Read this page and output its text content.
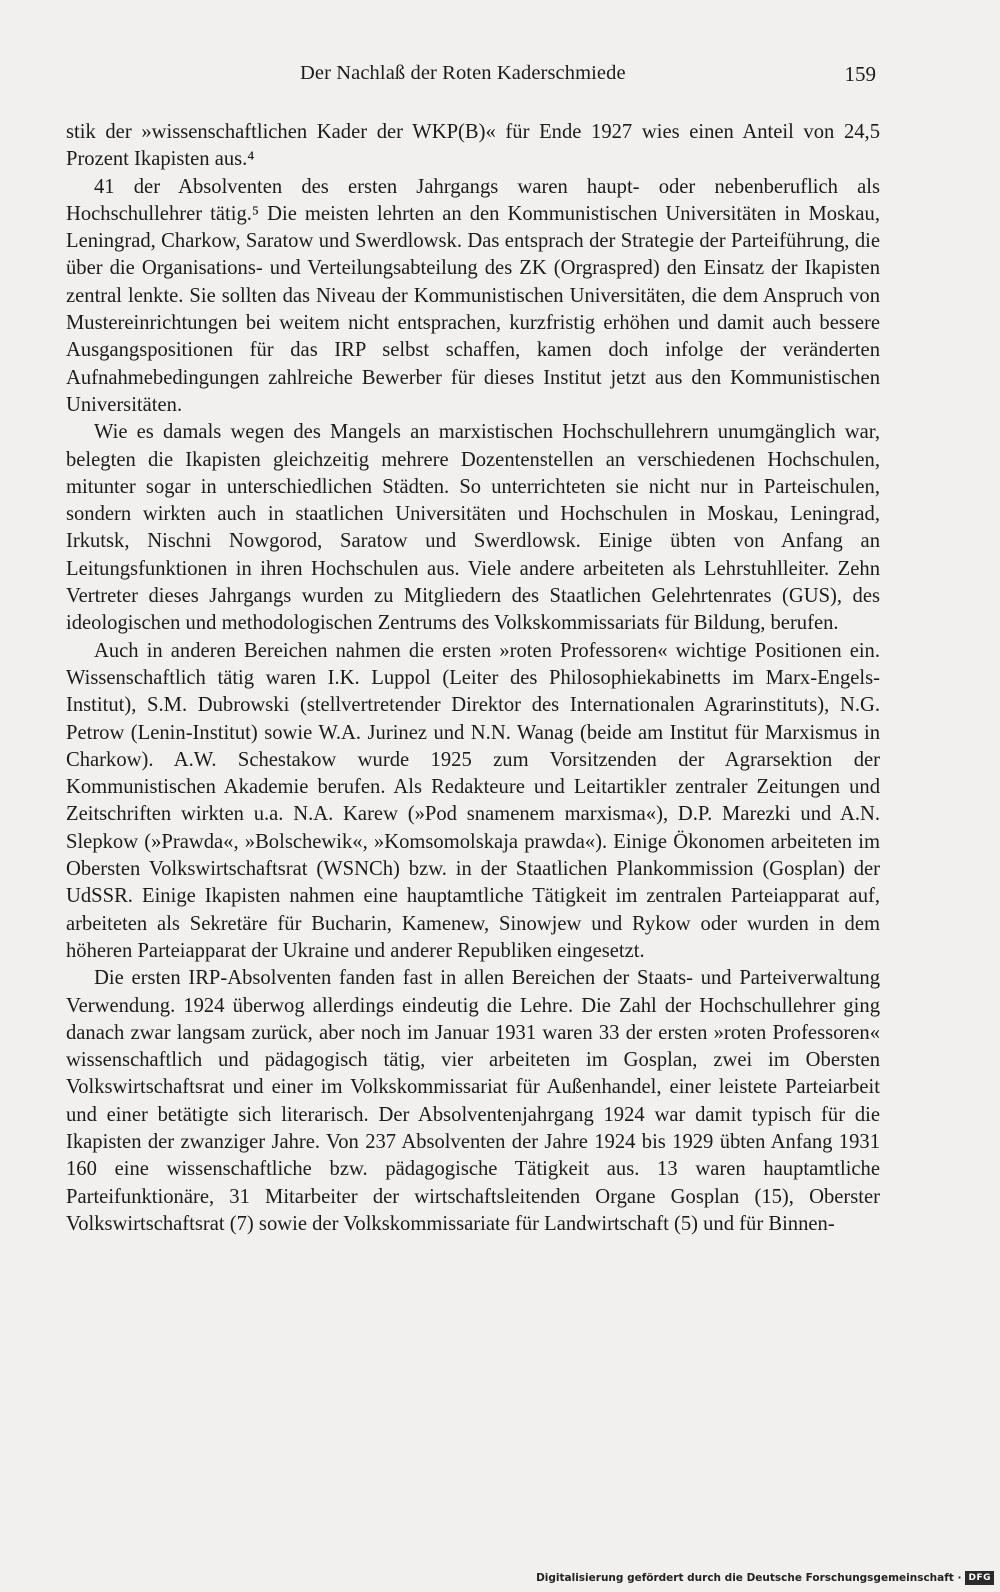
Der Nachlaß der Roten Kaderschmiede	159

stik der »wissenschaftlichen Kader der WKP(B)« für Ende 1927 wies einen Anteil von 24,5 Prozent Ikapisten aus.⁴

41 der Absolventen des ersten Jahrgangs waren haupt- oder nebenberuflich als Hochschullehrer tätig.⁵ Die meisten lehrten an den Kommunistischen Universitäten in Moskau, Leningrad, Charkow, Saratow und Swerdlowsk. Das entsprach der Strategie der Parteiführung, die über die Organisations- und Verteilungsabteilung des ZK (Orgraspred) den Einsatz der Ikapisten zentral lenkte. Sie sollten das Niveau der Kommunistischen Universitäten, die dem Anspruch von Mustereinrichtungen bei weitem nicht entsprachen, kurzfristig erhöhen und damit auch bessere Ausgangspositionen für das IRP selbst schaffen, kamen doch infolge der veränderten Aufnahmebedingungen zahlreiche Bewerber für dieses Institut jetzt aus den Kommunistischen Universitäten.

Wie es damals wegen des Mangels an marxistischen Hochschullehrern unumgänglich war, belegten die Ikapisten gleichzeitig mehrere Dozentenstellen an verschiedenen Hochschulen, mitunter sogar in unterschiedlichen Städten. So unterrichteten sie nicht nur in Parteischulen, sondern wirkten auch in staatlichen Universitäten und Hochschulen in Moskau, Leningrad, Irkutsk, Nischni Nowgorod, Saratow und Swerdlowsk. Einige übten von Anfang an Leitungsfunktionen in ihren Hochschulen aus. Viele andere arbeiteten als Lehrstuhlleiter. Zehn Vertreter dieses Jahrgangs wurden zu Mitgliedern des Staatlichen Gelehrtenrates (GUS), des ideologischen und methodologischen Zentrums des Volkskommissariats für Bildung, berufen.

Auch in anderen Bereichen nahmen die ersten »roten Professoren« wichtige Positionen ein. Wissenschaftlich tätig waren I.K. Luppol (Leiter des Philosophiekabinetts im Marx-Engels-Institut), S.M. Dubrowski (stellvertretender Direktor des Internationalen Agrarinstituts), N.G. Petrow (Lenin-Institut) sowie W.A. Jurinez und N.N. Wanag (beide am Institut für Marxismus in Charkow). A.W. Schestakow wurde 1925 zum Vorsitzenden der Agrarsektion der Kommunistischen Akademie berufen. Als Redakteure und Leitartikler zentraler Zeitungen und Zeitschriften wirkten u.a. N.A. Karew (»Pod snamenem marxisma«), D.P. Marezki und A.N. Slepkow (»Prawda«, »Bolschewik«, »Komsomolskaja prawda«). Einige Ökonomen arbeiteten im Obersten Volkswirtschaftsrat (WSNCh) bzw. in der Staatlichen Plankommission (Gosplan) der UdSSR. Einige Ikapisten nahmen eine hauptamtliche Tätigkeit im zentralen Parteiapparat auf, arbeiteten als Sekretäre für Bucharin, Kamenew, Sinowjew und Rykow oder wurden in dem höheren Parteiapparat der Ukraine und anderer Republiken eingesetzt.

Die ersten IRP-Absolventen fanden fast in allen Bereichen der Staats- und Parteiverwaltung Verwendung. 1924 überwog allerdings eindeutig die Lehre. Die Zahl der Hochschullehrer ging danach zwar langsam zurück, aber noch im Januar 1931 waren 33 der ersten »roten Professoren« wissenschaftlich und pädagogisch tätig, vier arbeiteten im Gosplan, zwei im Obersten Volkswirtschaftsrat und einer im Volkskommissariat für Außenhandel, einer leistete Parteiarbeit und einer betätigte sich literarisch. Der Absolventenjahrgang 1924 war damit typisch für die Ikapisten der zwanziger Jahre. Von 237 Absolventen der Jahre 1924 bis 1929 übten Anfang 1931 160 eine wissenschaftliche bzw. pädagogische Tätigkeit aus. 13 waren hauptamtliche Parteifunktionäre, 31 Mitarbeiter der wirtschaftsleitenden Organe Gosplan (15), Oberster Volkswirtschaftsrat (7) sowie der Volkskommissariate für Landwirtschaft (5) und für Binnen-

Digitalisierung gefördert durch die Deutsche Forschungsgemeinschaft · DFG
